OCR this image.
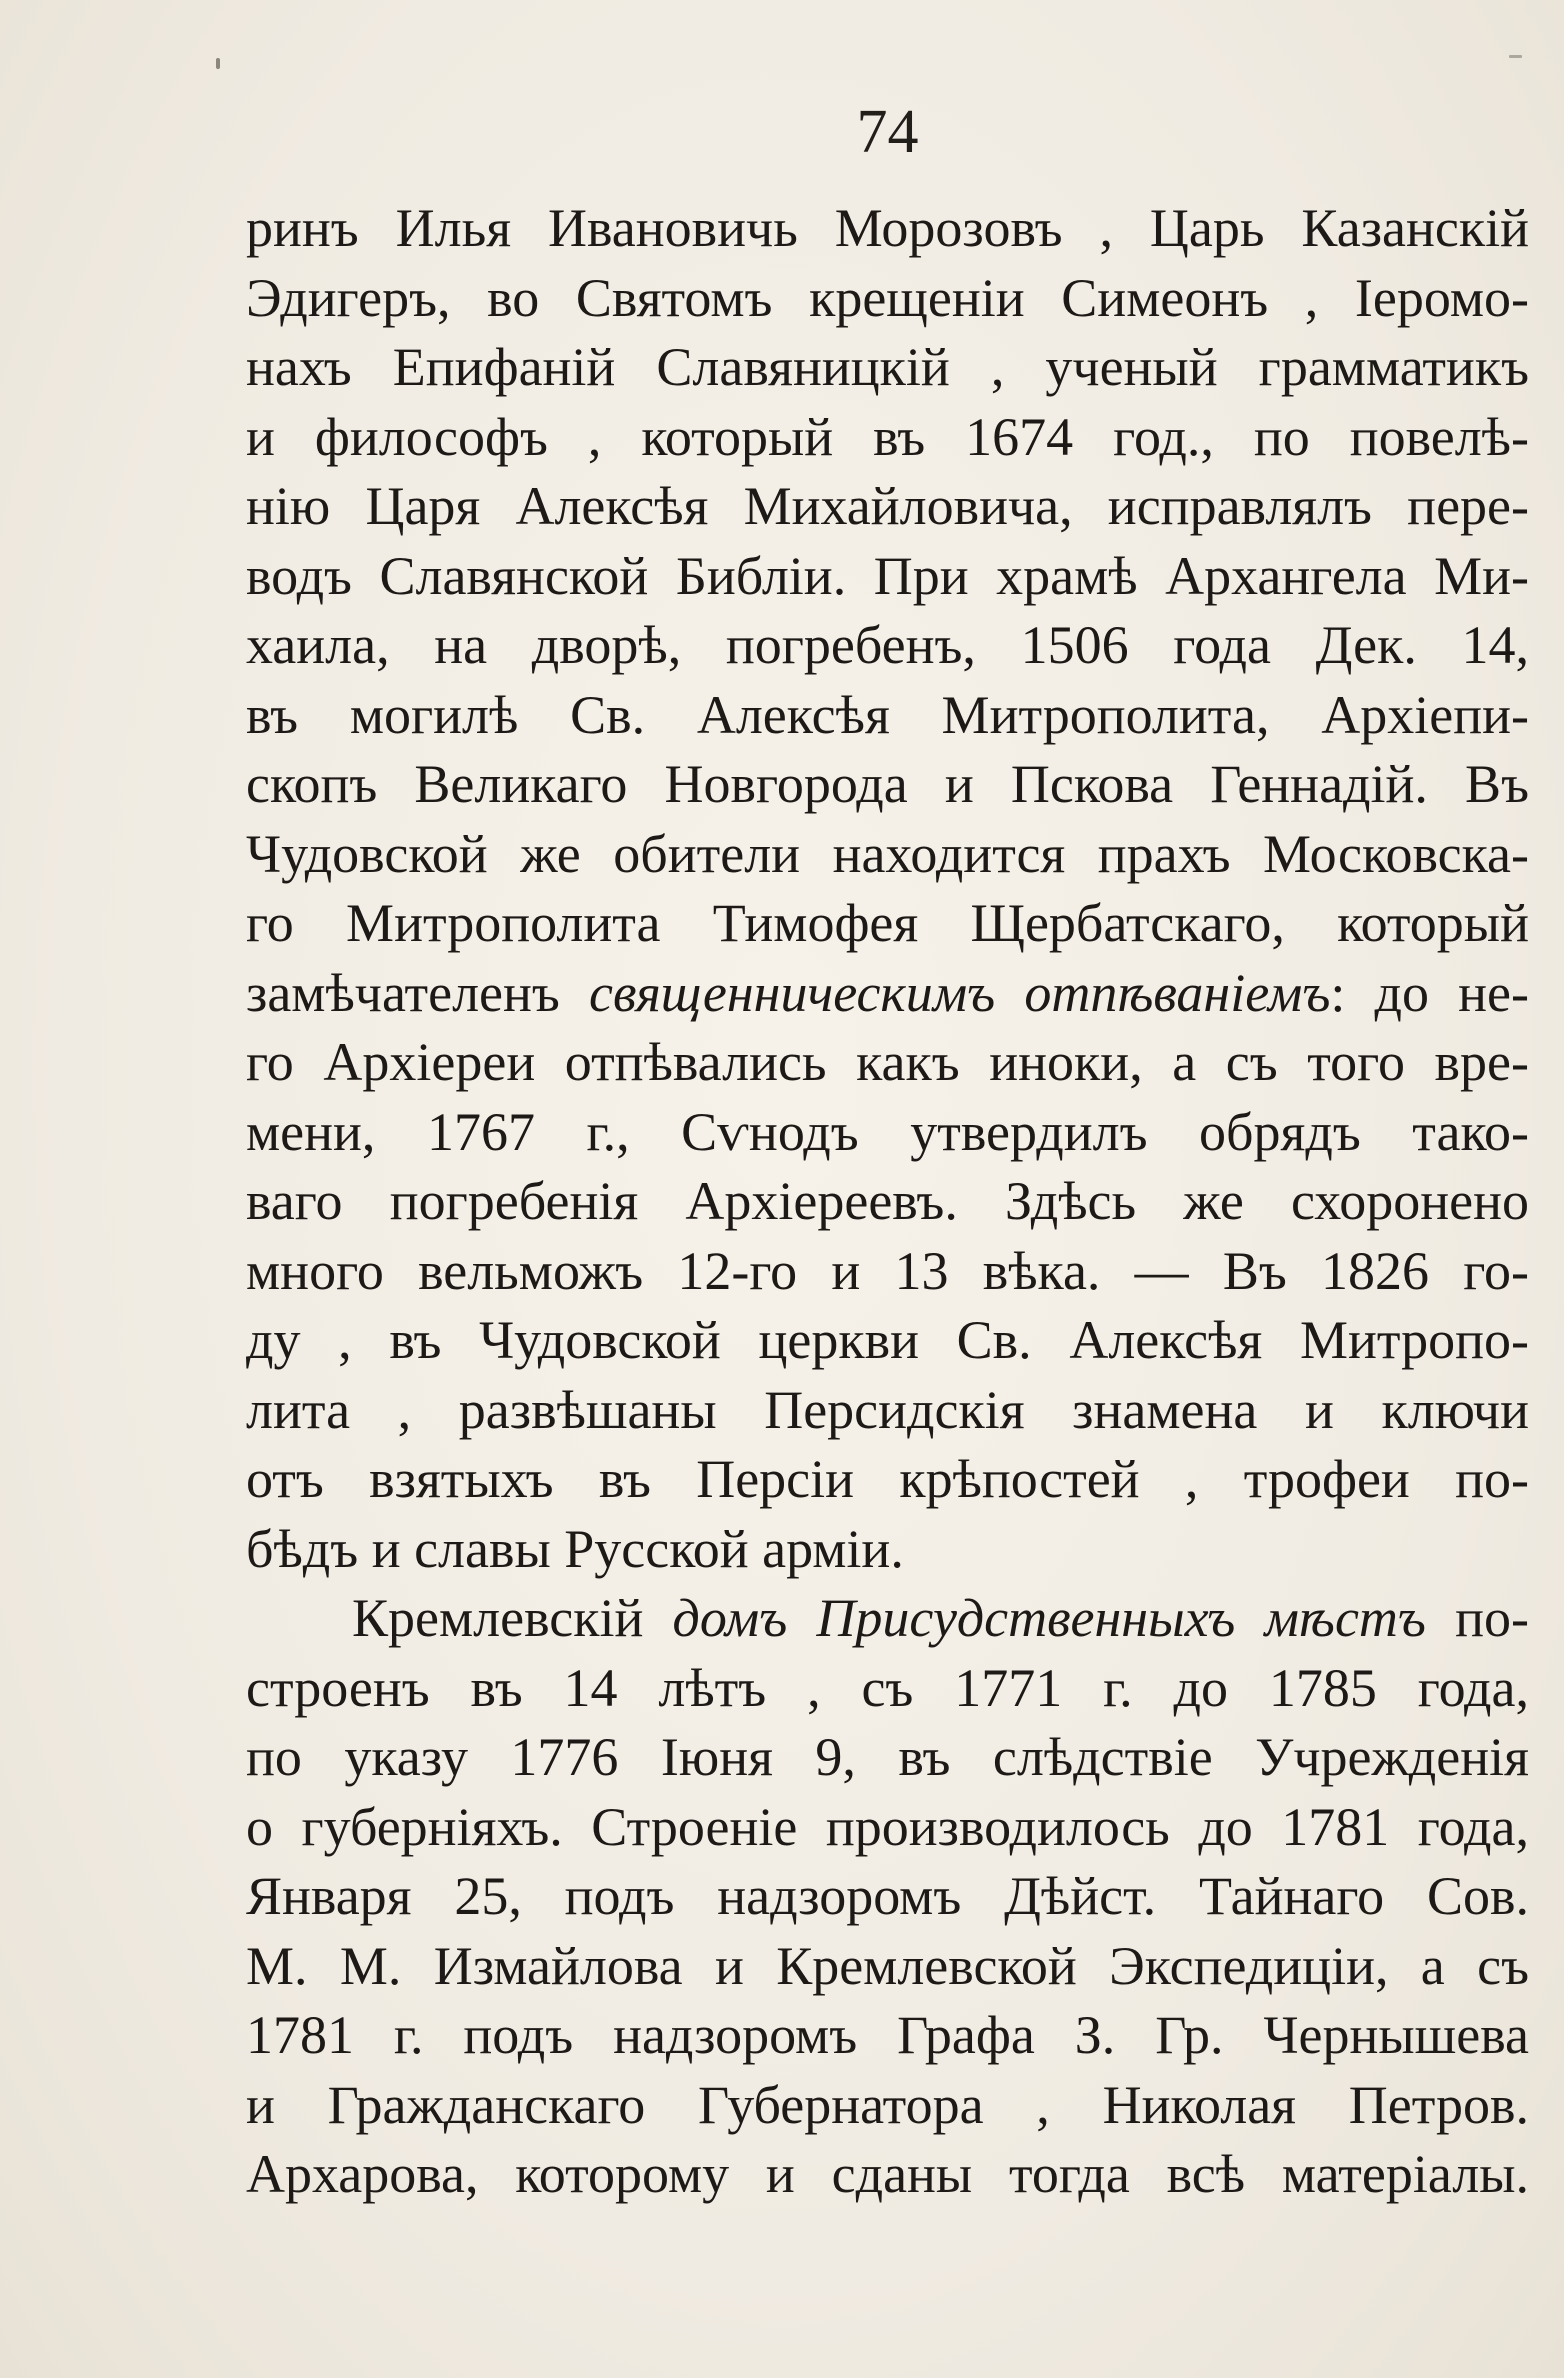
74
ринъ Илья Ивановичь Морозовъ , Царь Казанскій
Эдигеръ, во Святомъ крещеніи Симеонъ , Іеромо-
нахъ Епифаній Славяницкій , ученый грамматикъ
и философъ , который въ 1674 год., по повелѣ-
нію Царя Алексѣя Михайловича, исправлялъ пере-
водъ Славянской Библіи. При храмѣ Архангела Ми-
хаила, на дворѣ, погребенъ, 1506 года Дек. 14,
въ могилѣ Св. Алексѣя Митрополита, Архіепи-
скопъ Великаго Новгорода и Пскова Геннадій. Въ
Чудовской же обители находится прахъ Московска-
го Митрополита Тимофея Щербатскаго, который
замѣчателенъ священническимъ отпѣваніемъ: до не-
го Архіереи отпѣвались какъ иноки, а съ того вре-
мени, 1767 г., Сѵнодъ утвердилъ обрядъ тако-
ваго погребенія Архіереевъ. Здѣсь же схоронено
много вельможъ 12-го и 13 вѣка. — Въ 1826 го-
ду , въ Чудовской церкви Св. Алексѣя Митропо-
лита , развѣшаны Персидскія знамена и ключи
отъ взятыхъ въ Персіи крѣпостей , трофеи по-
бѣдъ и славы Русской арміи.
Кремлевскій домъ Присудственныхъ мѣстъ по-
строенъ въ 14 лѣтъ , съ 1771 г. до 1785 года,
по указу 1776 Іюня 9, въ слѣдствіе Учрежденія
о губерніяхъ. Строеніе производилось до 1781 года,
Января 25, подъ надзоромъ Дѣйст. Тайнаго Сов.
М. М. Измайлова и Кремлевской Экспедиціи, а съ
1781 г. подъ надзоромъ Графа З. Гр. Чернышева
и Гражданскаго Губернатора , Николая Петров.
Архарова, которому и сданы тогда всѣ матеріалы.
